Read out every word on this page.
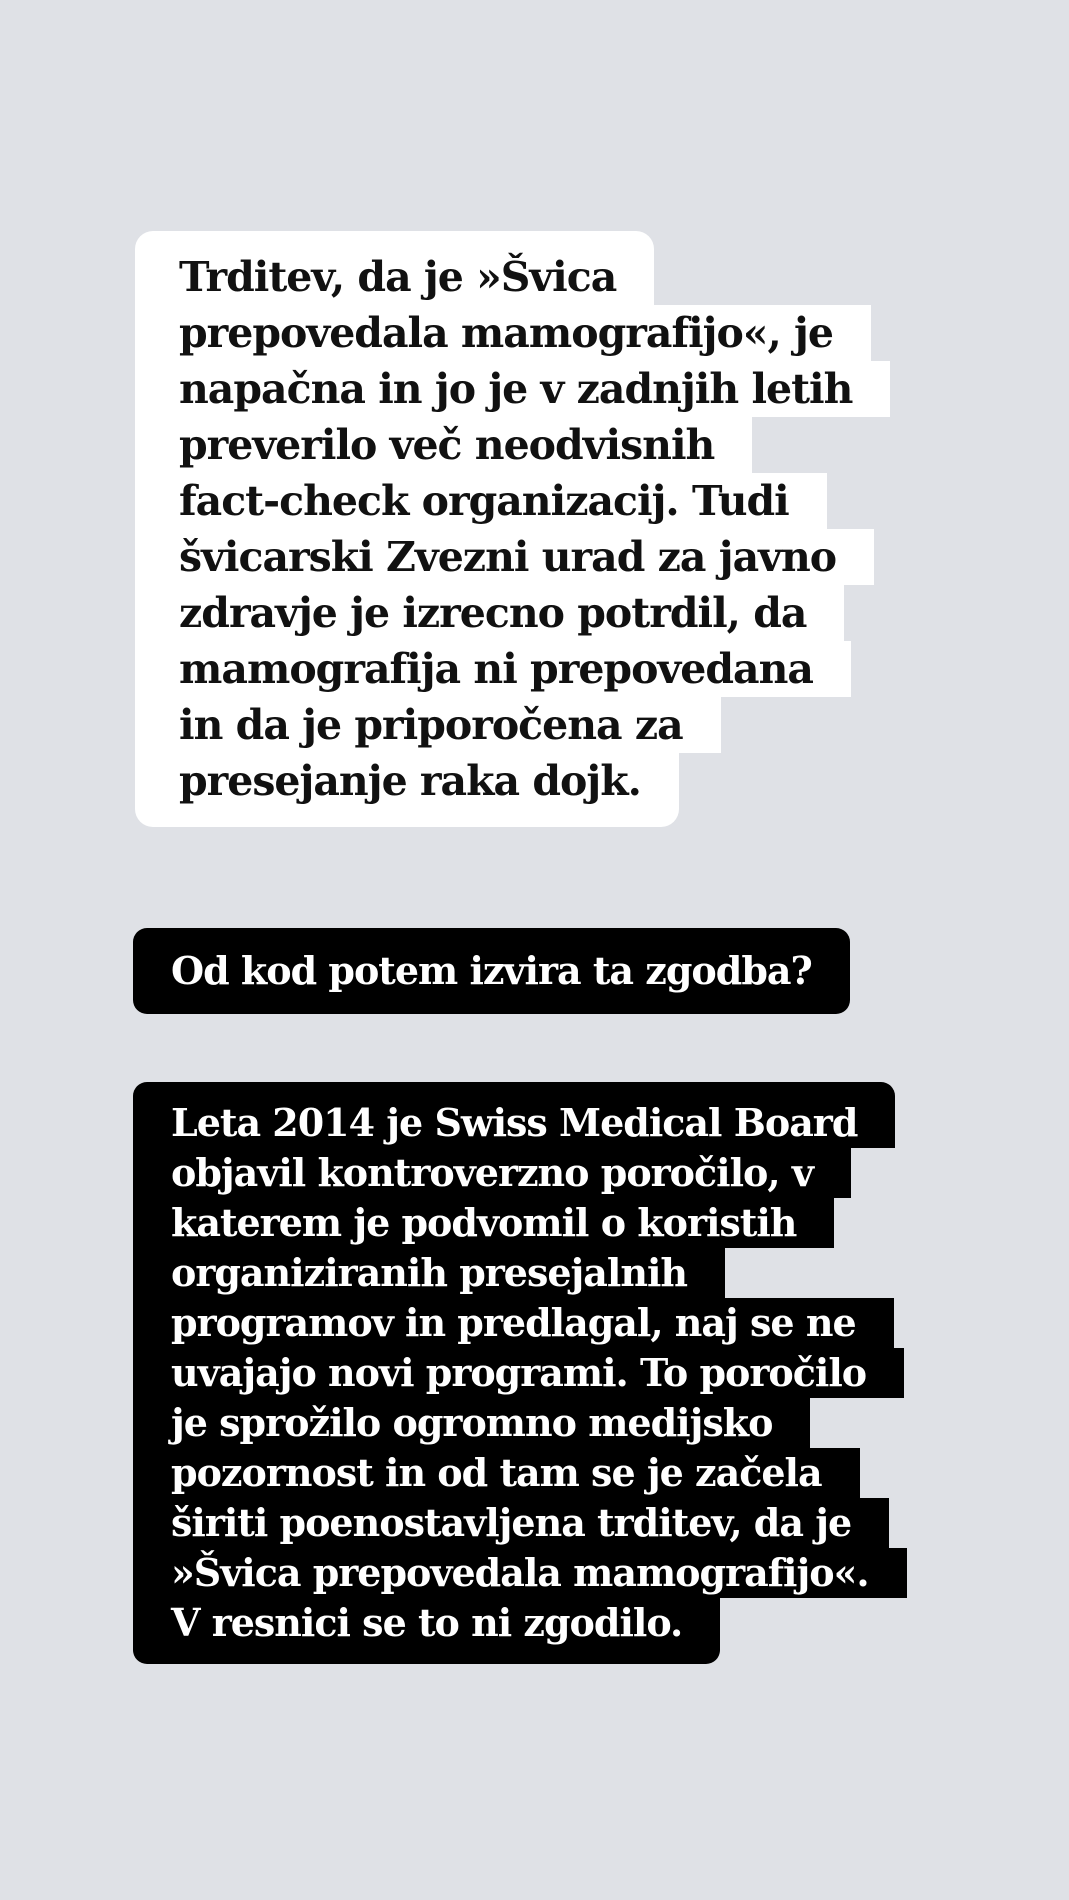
Trditev, da je »Švica
prepovedala mamografijo«, je
napačna in jo je v zadnjih letih
preverilo več neodvisnih
fact-check organizacij. Tudi
švicarski Zvezni urad za javno
zdravje je izrecno potrdil, da
mamografija ni prepovedana
in da je priporočena za
presejanje raka dojk.
Od kod potem izvira ta zgodba?
Leta 2014 je Swiss Medical Board
objavil kontroverzno poročilo, v
katerem je podvomil o koristih
organiziranih presejalnih
programov in predlagal, naj se ne
uvajajo novi programi. To poročilo
je sprožilo ogromno medijsko
pozornost in od tam se je začela
širiti poenostavljena trditev, da je
»Švica prepovedala mamografijo«.
V resnici se to ni zgodilo.
